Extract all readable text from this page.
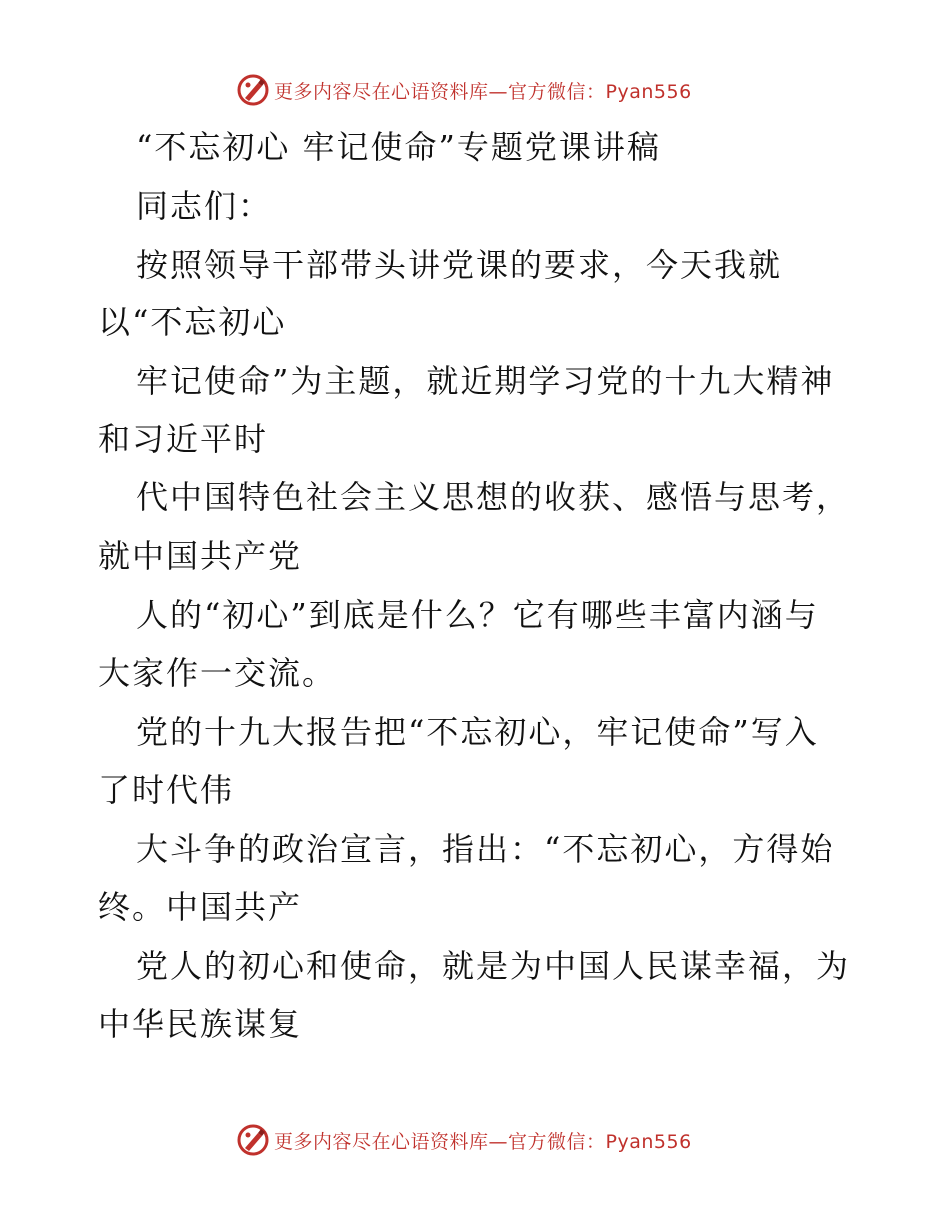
更多内容尽在心语资料库—官方微信：Pyan556
“不忘初心 牢记使命”专题党课讲稿
同志们：
按照领导干部带头讲党课的要求，今天我就
以“不忘初心
牢记使命”为主题，就近期学习党的十九大精神
和习近平时
代中国特色社会主义思想的收获、感悟与思考，
就中国共产党
人的“初心”到底是什么？它有哪些丰富内涵与
大家作一交流。
党的十九大报告把“不忘初心，牢记使命”写入
了时代伟
大斗争的政治宣言，指出：“不忘初心，方得始
终。中国共产
党人的初心和使命，就是为中国人民谋幸福，为
中华民族谋复
更多内容尽在心语资料库—官方微信：Pyan556
